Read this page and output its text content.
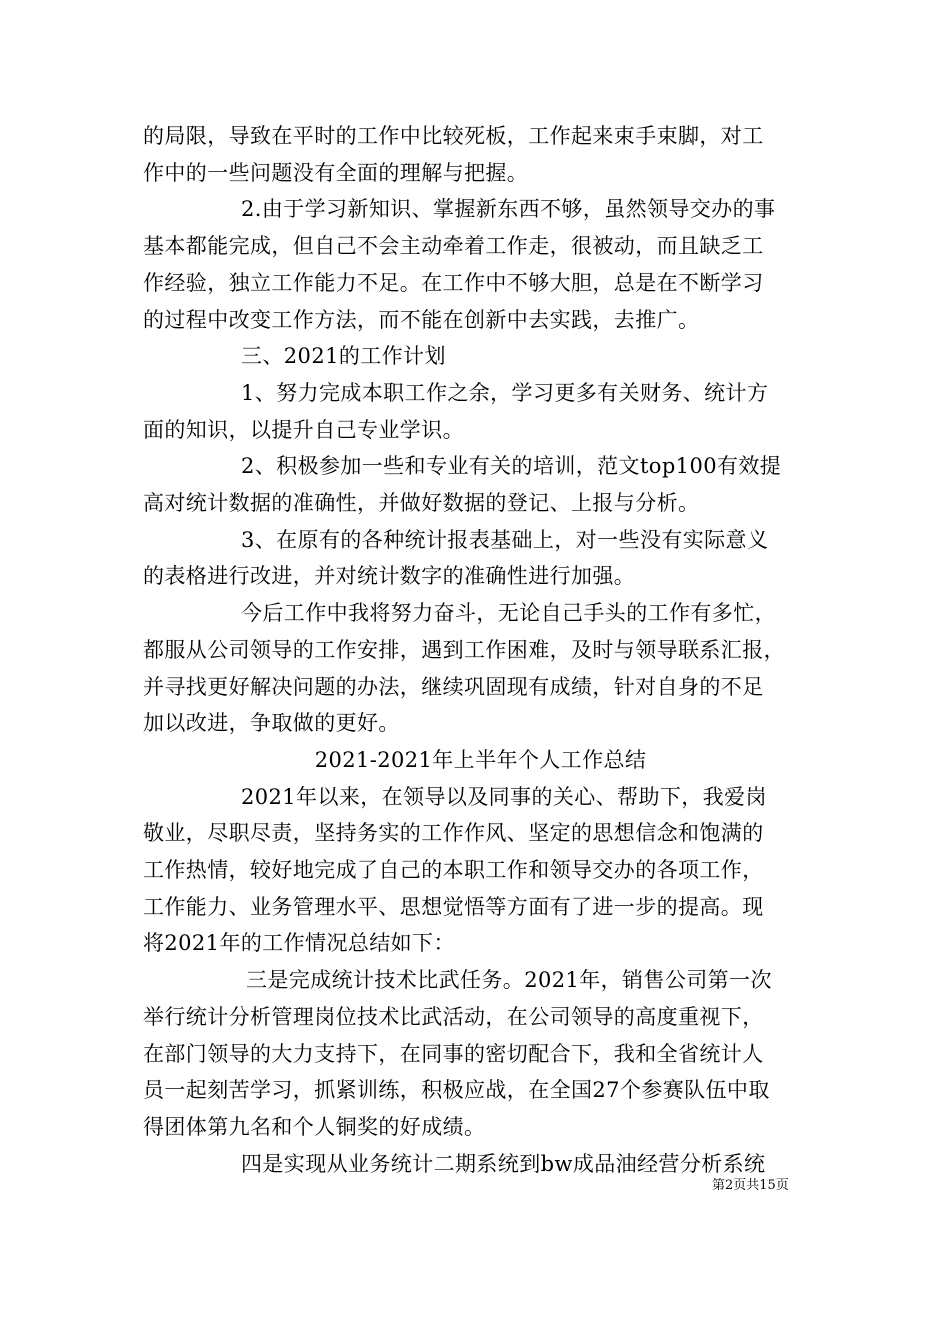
的局限，导致在平时的工作中比较死板，工作起来束手束脚，对工
作中的一些问题没有全面的理解与把握。
2.由于学习新知识、掌握新东西不够，虽然领导交办的事
基本都能完成，但自己不会主动牵着工作走，很被动，而且缺乏工
作经验，独立工作能力不足。在工作中不够大胆，总是在不断学习
的过程中改变工作方法，而不能在创新中去实践，去推广。
三、2021的工作计划
1、努力完成本职工作之余，学习更多有关财务、统计方
面的知识，以提升自己专业学识。
2、积极参加一些和专业有关的培训，范文top100有效提
高对统计数据的准确性，并做好数据的登记、上报与分析。
3、在原有的各种统计报表基础上，对一些没有实际意义
的表格进行改进，并对统计数字的准确性进行加强。
今后工作中我将努力奋斗，无论自己手头的工作有多忙，
都服从公司领导的工作安排，遇到工作困难，及时与领导联系汇报，
并寻找更好解决问题的办法，继续巩固现有成绩，针对自身的不足
加以改进，争取做的更好。
2021-2021年上半年个人工作总结
2021年以来，在领导以及同事的关心、帮助下，我爱岗
敬业，尽职尽责，坚持务实的工作作风、坚定的思想信念和饱满的
工作热情，较好地完成了自己的本职工作和领导交办的各项工作，
工作能力、业务管理水平、思想觉悟等方面有了进一步的提高。现
将2021年的工作情况总结如下：
三是完成统计技术比武任务。2021年，销售公司第一次
举行统计分析管理岗位技术比武活动，在公司领导的高度重视下，
在部门领导的大力支持下，在同事的密切配合下，我和全省统计人
员一起刻苦学习，抓紧训练，积极应战，在全国27个参赛队伍中取
得团体第九名和个人铜奖的好成绩。
四是实现从业务统计二期系统到bw成品油经营分析系统
第2页共15页
